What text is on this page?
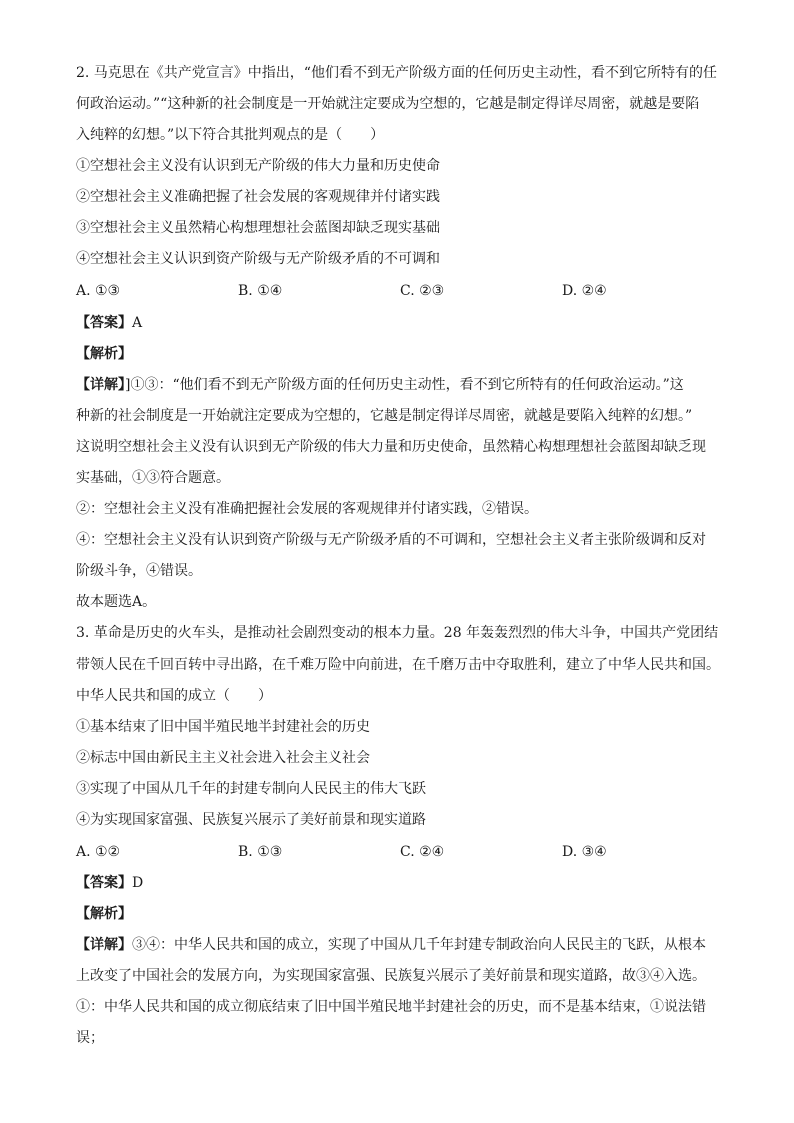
2. 马克思在《共产党宣言》中指出，“他们看不到无产阶级方面的任何历史主动性，看不到它所特有的任
何政治运动。”“这种新的社会制度是一开始就注定要成为空想的，它越是制定得详尽周密，就越是要陷
入纯粹的幻想。”以下符合其批判观点的是（　　）
①空想社会主义没有认识到无产阶级的伟大力量和历史使命
②空想社会主义准确把握了社会发展的客观规律并付诸实践
③空想社会主义虽然精心构想理想社会蓝图却缺乏现实基础
④空想社会主义认识到资产阶级与无产阶级矛盾的不可调和
A. ①③	B. ①④	C. ②③	D. ②④
【答案】A
【解析】
【详解】]①③：“他们看不到无产阶级方面的任何历史主动性，看不到它所特有的任何政治运动。”这
种新的社会制度是一开始就注定要成为空想的，它越是制定得详尽周密，就越是要陷入纯粹的幻想。”
这说明空想社会主义没有认识到无产阶级的伟大力量和历史使命，虽然精心构想理想社会蓝图却缺乏现
实基础，①③符合题意。
②：空想社会主义没有准确把握社会发展的客观规律并付诸实践，②错误。
④：空想社会主义没有认识到资产阶级与无产阶级矛盾的不可调和，空想社会主义者主张阶级调和反对
阶级斗争，④错误。
故本题选A。
3. 革命是历史的火车头，是推动社会剧烈变动的根本力量。28 年轰轰烈烈的伟大斗争，中国共产党团结
带领人民在千回百转中寻出路，在千难万险中向前进，在千磨万击中夺取胜利，建立了中华人民共和国。
中华人民共和国的成立（　　）
①基本结束了旧中国半殖民地半封建社会的历史
②标志中国由新民主主义社会进入社会主义社会
③实现了中国从几千年的封建专制向人民民主的伟大飞跃
④为实现国家富强、民族复兴展示了美好前景和现实道路
A. ①②	B. ①③	C. ②④	D. ③④
【答案】D
【解析】
【详解】③④：中华人民共和国的成立，实现了中国从几千年封建专制政治向人民民主的飞跃，从根本
上改变了中国社会的发展方向，为实现国家富强、民族复兴展示了美好前景和现实道路，故③④入选。
①：中华人民共和国的成立彻底结束了旧中国半殖民地半封建社会的历史，而不是基本结束，①说法错
误；
